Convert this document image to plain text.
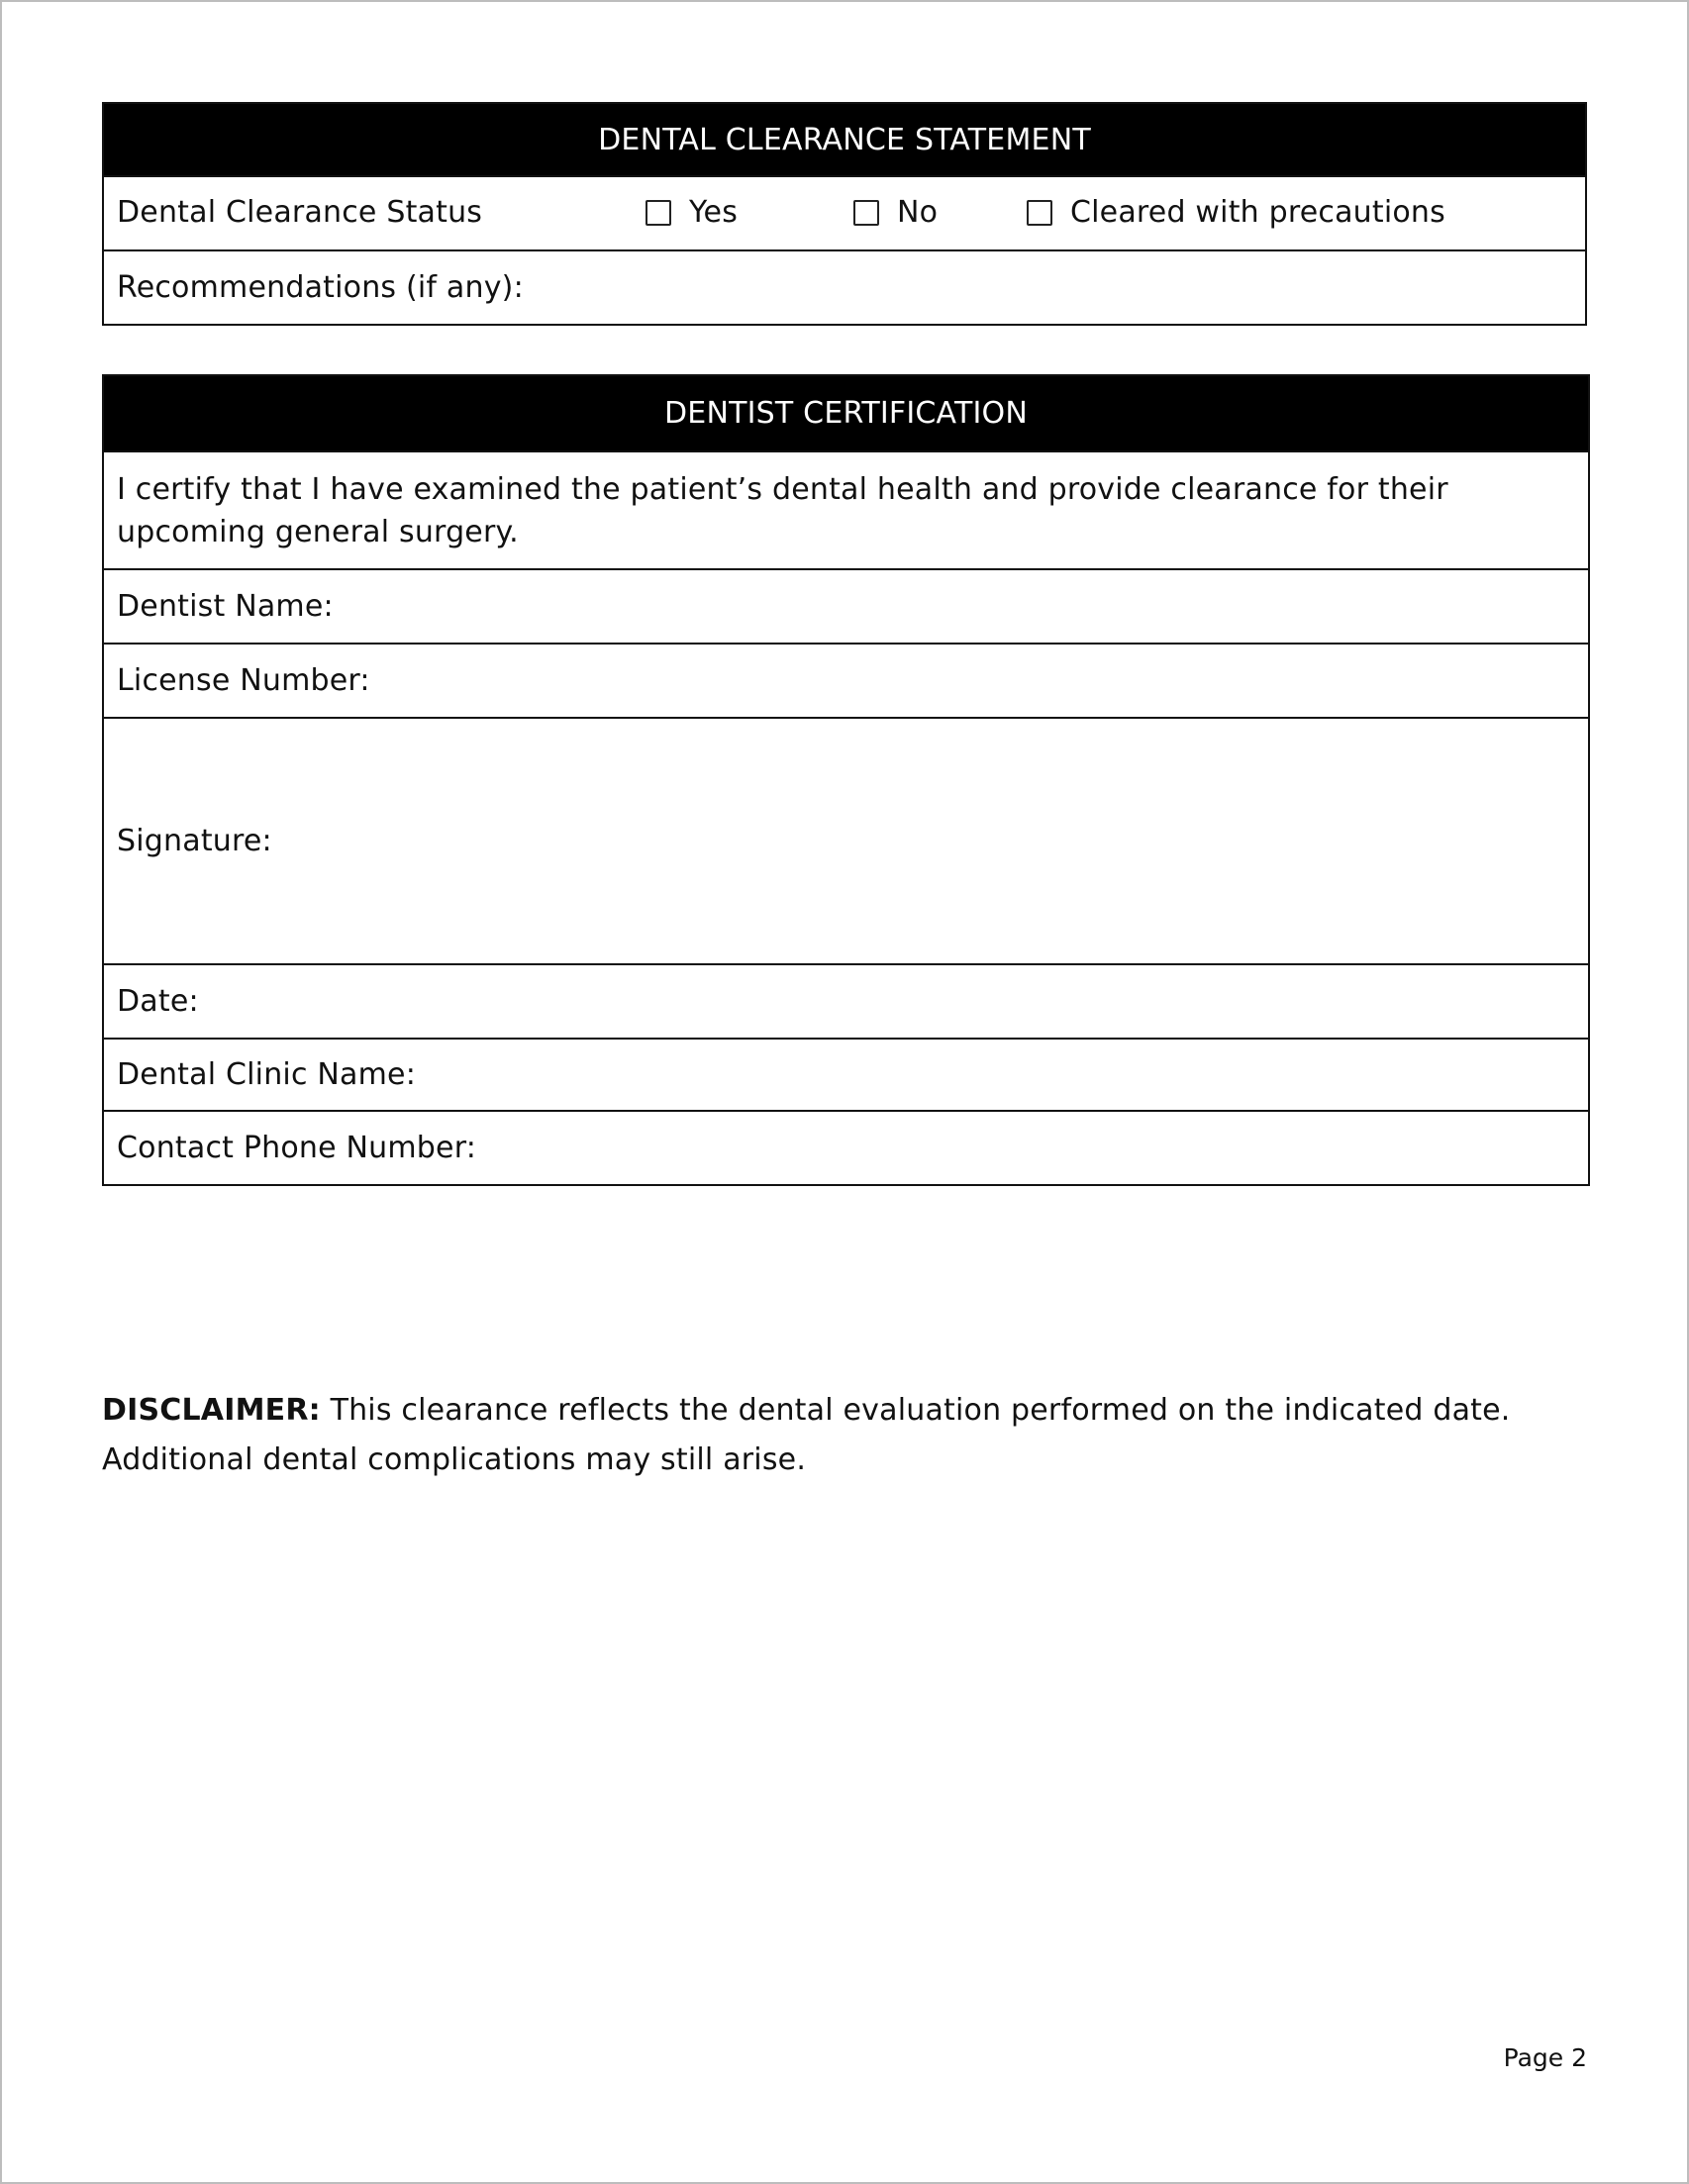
DENTAL CLEARANCE STATEMENT

Dental Clearance Status	Yes	No	Cleared with precautions

Recommendations (if any):
DENTIST CERTIFICATION
I certify that I have examined the patient’s dental health and provide clearance for their upcoming general surgery.
Dentist Name:
License Number:
Signature:
Date:
Dental Clinic Name:
Contact Phone Number:
DISCLAIMER: This clearance reflects the dental evaluation performed on the indicated date. Additional dental complications may still arise.
Page 2
